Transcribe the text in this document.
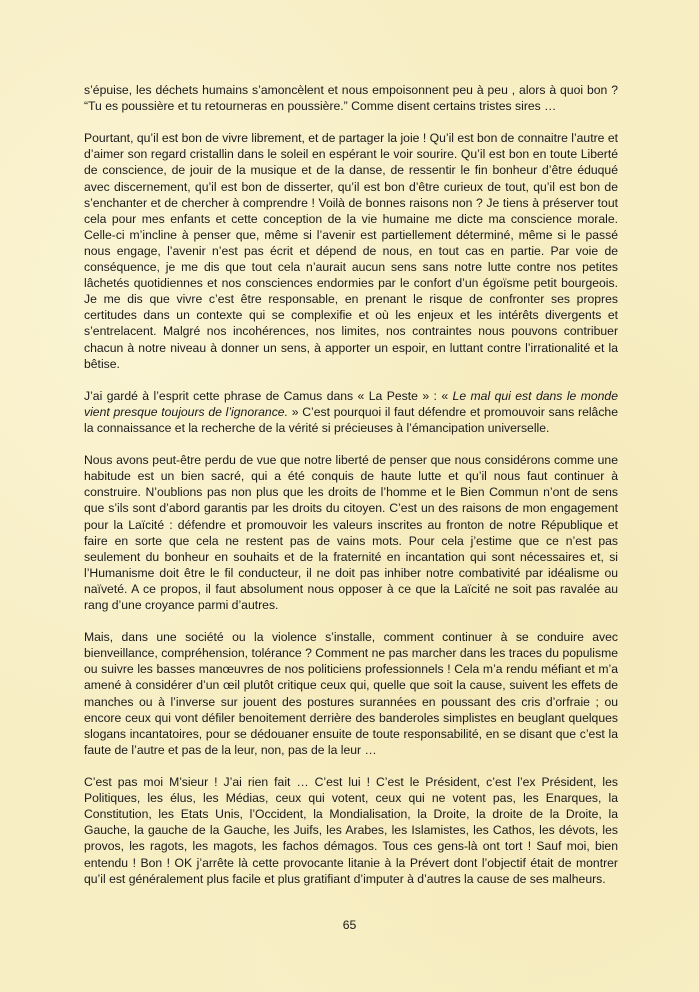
s’épuise, les déchets humains s’amoncèlent et nous empoisonnent peu à peu , alors à quoi bon ? “Tu es poussière et tu retourneras en poussière.” Comme disent certains tristes sires …

Pourtant, qu’il est bon de vivre librement, et de partager la joie ! Qu’il est bon de connaitre l’autre et d’aimer son regard cristallin dans le soleil en espérant le voir sourire. Qu’il est bon en toute Liberté de conscience, de jouir de la musique et de la danse, de ressentir le fin bonheur d’être éduqué avec discernement, qu’il est bon de disserter, qu’il est bon d’être curieux de tout, qu’il est bon de s’enchanter et de chercher à comprendre ! Voilà de bonnes raisons non ? Je tiens à préserver tout cela pour mes enfants et cette conception de la vie humaine me dicte ma conscience morale. Celle-ci m’incline à penser que, même si l’avenir est partiellement déterminé, même si le passé nous engage, l’avenir n’est pas écrit et dépend de nous, en tout cas en partie. Par voie de conséquence, je me dis que tout cela n’aurait aucun sens sans notre lutte contre nos petites lâchetés quotidiennes et nos consciences endormies par le confort d’un égoïsme petit bourgeois. Je me dis que vivre c’est être responsable, en prenant le risque de confronter ses propres certitudes dans un contexte qui se complexifie et où les enjeux et les intérêts divergents et s’entrelacent. Malgré nos incohérences, nos limites, nos contraintes nous pouvons contribuer chacun à notre niveau à donner un sens, à apporter un espoir, en luttant contre l’irrationalité et la bêtise.

J’ai gardé à l’esprit cette phrase de Camus dans « La Peste » : « Le mal qui est dans le monde vient presque toujours de l’ignorance. » C’est pourquoi il faut défendre et promouvoir sans relâche la connaissance et la recherche de la vérité si précieuses à l’émancipation universelle.

Nous avons peut-être perdu de vue que notre liberté de penser que nous considérons comme une habitude est un bien sacré, qui a été conquis de haute lutte et qu’il nous faut continuer à construire. N’oublions pas non plus que les droits de l’homme et le Bien Commun n’ont de sens que s’ils sont d’abord garantis par les droits du citoyen. C’est un des raisons de mon engagement pour la Laïcité : défendre et promouvoir les valeurs inscrites au fronton de notre République et faire en sorte que cela ne restent pas de vains mots. Pour cela j’estime que ce n’est pas seulement du bonheur en souhaits et de la fraternité en incantation qui sont nécessaires et, si l’Humanisme doit être le fil conducteur, il ne doit pas inhiber notre combativité par idéalisme ou naïveté. A ce propos, il faut absolument nous opposer à ce que la Laïcité ne soit pas ravalée au rang d’une croyance parmi d’autres.

Mais, dans une société ou la violence s’installe, comment continuer à se conduire avec bienveillance, compréhension, tolérance ? Comment ne pas marcher dans les traces du populisme ou suivre les basses manœuvres de nos politiciens professionnels ! Cela m’a rendu méfiant et m’a amené à considérer d’un œil plutôt critique ceux qui, quelle que soit la cause, suivent les effets de manches ou à l’inverse sur jouent des postures surannées en poussant des cris d’orfraie ; ou encore ceux qui vont défiler benoitement derrière des banderoles simplistes en beuglant quelques slogans incantatoires, pour se dédouaner ensuite de toute responsabilité, en se disant que c’est la faute de l’autre et pas de la leur, non, pas de la leur …

C’est pas moi M’sieur ! J’ai rien fait … C’est lui ! C’est le Président, c’est l’ex Président, les Politiques, les élus, les Médias, ceux qui votent, ceux qui ne votent pas, les Enarques, la Constitution, les Etats Unis, l’Occident, la Mondialisation, la Droite, la droite de la Droite, la Gauche, la gauche de la Gauche, les Juifs, les Arabes, les Islamistes, les Cathos, les dévots, les provos, les ragots, les magots, les fachos démagos. Tous ces gens-là ont tort ! Sauf moi, bien entendu ! Bon ! OK j’arrête là cette provocante litanie à la Prévert dont l’objectif était de montrer qu’il est généralement plus facile et plus gratifiant d’imputer à d’autres la cause de ses malheurs.

65
